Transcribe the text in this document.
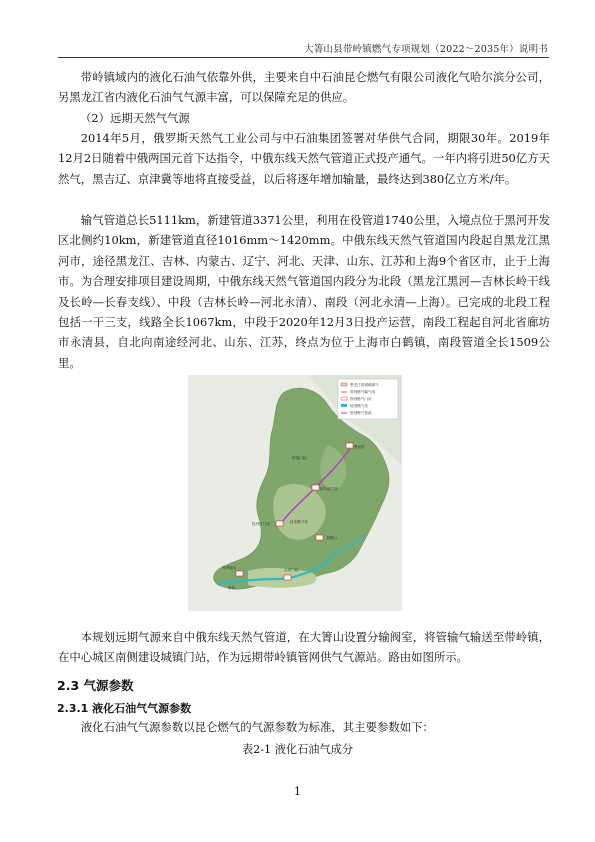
大箐山县带岭镇燃气专项规划（2022～2035年）说明书

带岭镇域内的液化石油气依靠外供，主要来自中石油昆仑燃气有限公司液化气哈尔滨分公司，另黑龙江省内液化石油气气源丰富，可以保障充足的供应。

（2）远期天然气气源

2014年5月，俄罗斯天然气工业公司与中石油集团签署对华供气合同，期限30年。2019年12月2日随着中俄两国元首下达指令，中俄东线天然气管道正式投产通气。一年内将引进50亿方天然气，黑吉辽、京津冀等地将直接受益，以后将逐年增加输量，最终达到380亿立方米/年。

输气管道总长5111km，新建管道3371公里，利用在役管道1740公里，入境点位于黑河开发区北侧约10km，新建管道直径1016mm～1420mm。中俄东线天然气管道国内段起自黑龙江黑河市，途径黑龙江、吉林、内蒙古、辽宁、河北、天津、山东、江苏和上海9个省区市，止于上海市。为合理安排项目建设周期，中俄东线天然气管道国内段分为北段（黑龙江黑河—吉林长岭干线及长岭—长春支线）、中段（吉林长岭—河北永清）、南段（河北永清—上海）。已完成的北段工程包括一干三支，线路全长1067km，中段于2020年12月3日投产运营，南段工程起自河北省廊坊市永清县，自北向南途经河北、山东、江苏，终点为位于上海市白鹤镇，南段管道全长1509公里。

黑龙江省城镇燃气
规划燃气输气线
规划燃气门站
规划燃气站
规划燃气管道
黑河市
伊春门站
哈尔滨门站
佳木斯门站
双鸭山
牡丹江门站
大庆门站
齐齐哈尔
绥化

本规划远期气源来自中俄东线天然气管道，在大箐山设置分输阀室，将管输气输送至带岭镇，在中心城区南侧建设城镇门站，作为远期带岭镇管网供气气源站。路由如图所示。

2.3 气源参数
2.3.1 液化石油气气源参数

液化石油气气源参数以昆仑燃气的气源参数为标准，其主要参数如下：

表2-1 液化石油气成分
1
